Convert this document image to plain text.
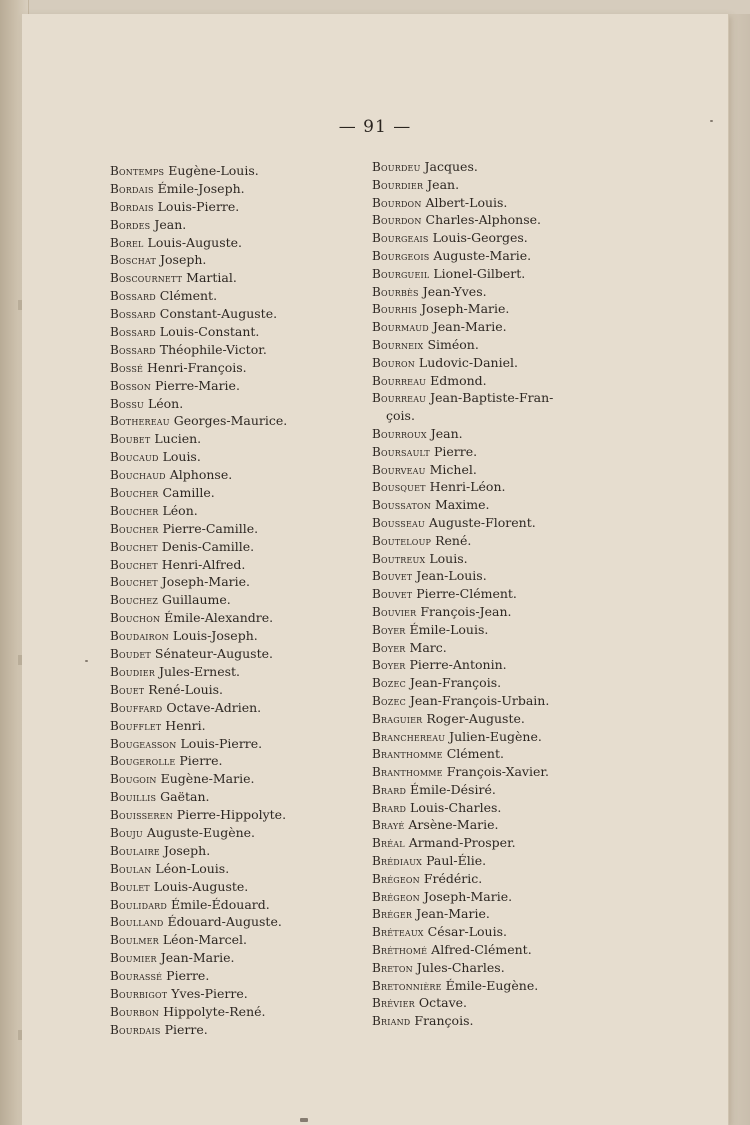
— 91 —
Bontemps Eugène-Louis.
Bordais Émile-Joseph.
Bordais Louis-Pierre.
Bordes Jean.
Borel Louis-Auguste.
Boschat Joseph.
Boscournett Martial.
Bossard Clément.
Bossard Constant-Auguste.
Bossard Louis-Constant.
Bossard Théophile-Victor.
Bossé Henri-François.
Bosson Pierre-Marie.
Bossu Léon.
Bothereau Georges-Maurice.
Boubet Lucien.
Boucaud Louis.
Bouchaud Alphonse.
Boucher Camille.
Boucher Léon.
Boucher Pierre-Camille.
Bouchet Denis-Camille.
Bouchet Henri-Alfred.
Bouchet Joseph-Marie.
Bouchez Guillaume.
Bouchon Émile-Alexandre.
Boudairon Louis-Joseph.
Boudet Sénateur-Auguste.
Boudier Jules-Ernest.
Bouet René-Louis.
Bouffard Octave-Adrien.
Boufflet Henri.
Bougeasson Louis-Pierre.
Bougerolle Pierre.
Bougoin Eugène-Marie.
Bouillis Gaëtan.
Bouisseren Pierre-Hippolyte.
Bouju Auguste-Eugène.
Boulaire Joseph.
Boulan Léon-Louis.
Boulet Louis-Auguste.
Boulidard Émile-Édouard.
Boulland Édouard-Auguste.
Boulmer Léon-Marcel.
Boumier Jean-Marie.
Bourassé Pierre.
Bourbigot Yves-Pierre.
Bourbon Hippolyte-René.
Bourdais Pierre.
Bourdeu Jacques.
Bourdier Jean.
Bourdon Albert-Louis.
Bourdon Charles-Alphonse.
Bourgeais Louis-Georges.
Bourgeois Auguste-Marie.
Bourgueil Lionel-Gilbert.
Bourbès Jean-Yves.
Bourhis Joseph-Marie.
Bourmaud Jean-Marie.
Bourneix Siméon.
Bouron Ludovic-Daniel.
Bourreau Edmond.
Bourreau Jean-Baptiste-Fran-
çois.
Bourroux Jean.
Boursault Pierre.
Bourveau Michel.
Bousquet Henri-Léon.
Boussaton Maxime.
Bousseau Auguste-Florent.
Bouteloup René.
Boutreux Louis.
Bouvet Jean-Louis.
Bouvet Pierre-Clément.
Bouvier François-Jean.
Boyer Émile-Louis.
Boyer Marc.
Boyer Pierre-Antonin.
Bozec Jean-François.
Bozec Jean-François-Urbain.
Braguier Roger-Auguste.
Branchereau Julien-Eugène.
Branthomme Clément.
Branthomme François-Xavier.
Brard Émile-Désiré.
Brard Louis-Charles.
Brayé Arsène-Marie.
Bréal Armand-Prosper.
Brédiaux Paul-Élie.
Brégeon Frédéric.
Brégeon Joseph-Marie.
Bréger Jean-Marie.
Bréteaux César-Louis.
Bréthomé Alfred-Clément.
Breton Jules-Charles.
Bretonnière Émile-Eugène.
Brévier Octave.
Briand François.
